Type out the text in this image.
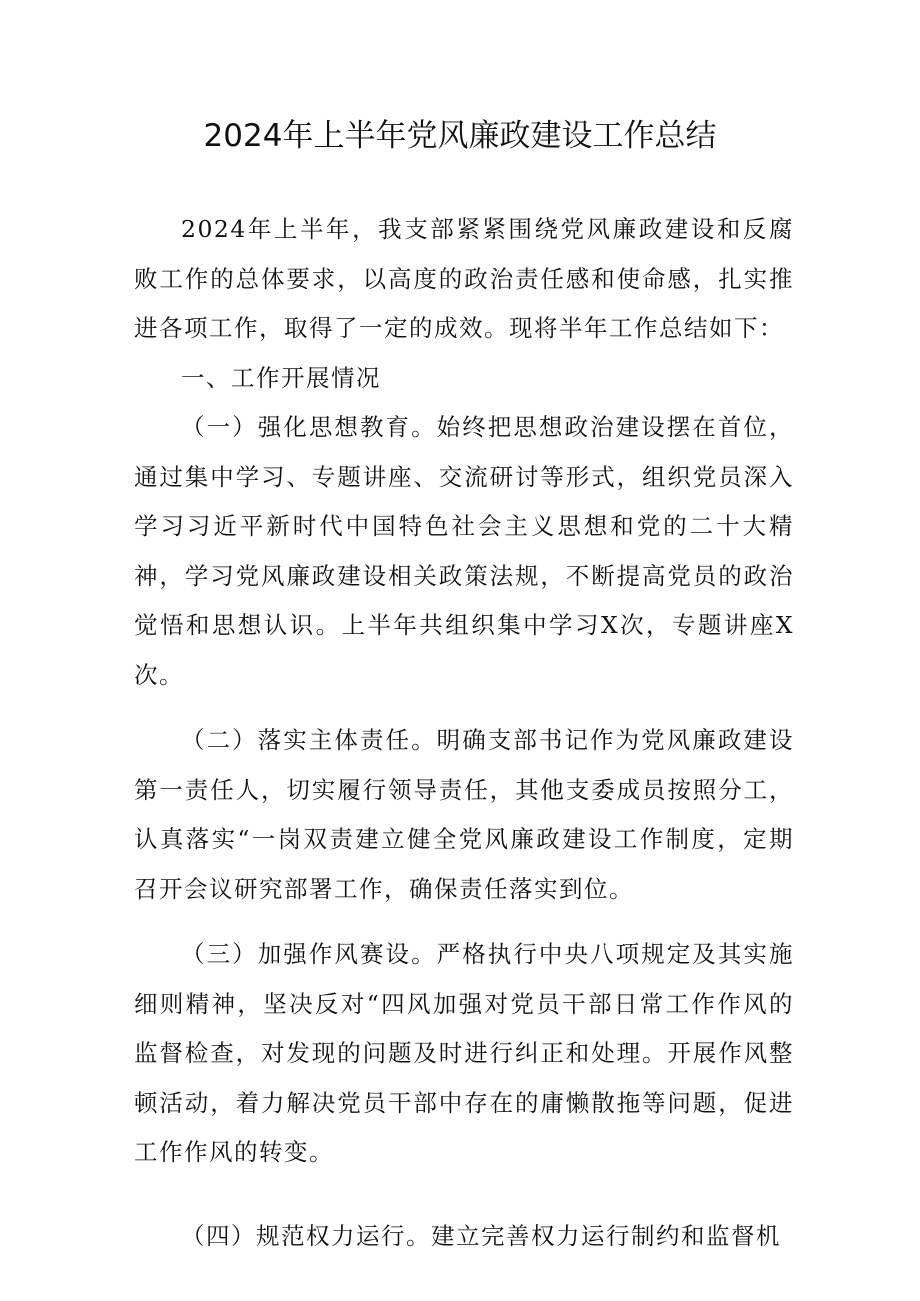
2024年上半年党风廉政建设工作总结

2024年上半年，我支部紧紧围绕党风廉政建设和反腐败工作的总体要求，以高度的政治责任感和使命感，扎实推进各项工作，取得了一定的成效。现将半年工作总结如下：

一、工作开展情况

（一）强化思想教育。始终把思想政治建设摆在首位，通过集中学习、专题讲座、交流研讨等形式，组织党员深入学习习近平新时代中国特色社会主义思想和党的二十大精神，学习党风廉政建设相关政策法规，不断提高党员的政治觉悟和思想认识。上半年共组织集中学习X次，专题讲座X次。

（二）落实主体责任。明确支部书记作为党风廉政建设第一责任人，切实履行领导责任，其他支委成员按照分工，认真落实“一岗双责建立健全党风廉政建设工作制度，定期召开会议研究部署工作，确保责任落实到位。

（三）加强作风赛设。严格执行中央八项规定及其实施细则精神，坚决反对“四风加强对党员干部日常工作作风的监督检查，对发现的问题及时进行纠正和处理。开展作风整顿活动，着力解决党员干部中存在的庸懒散拖等问题，促进工作作风的转变。

（四）规范权力运行。建立完善权力运行制约和监督机
